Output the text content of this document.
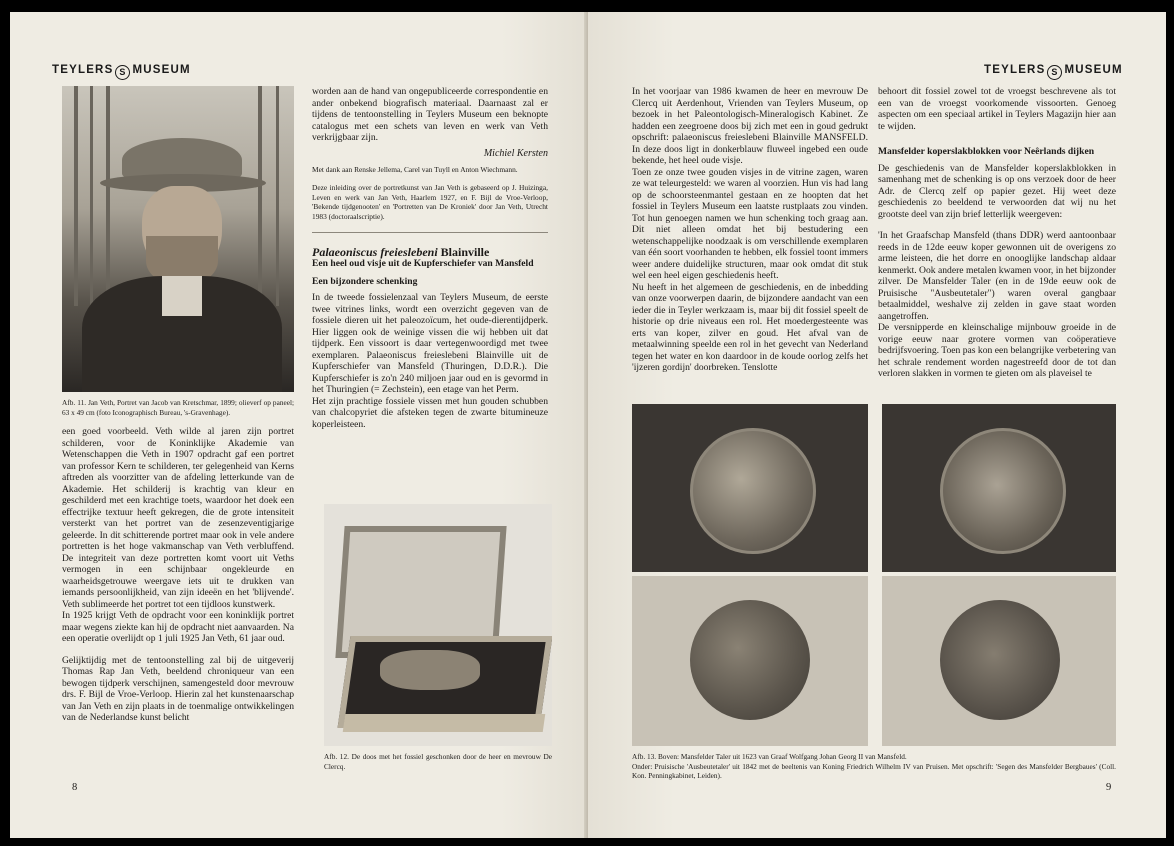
TEYLERS S MUSEUM
Afb. 11. Jan Veth, Portret van Jacob van Kretschmar, 1899; olieverf op paneel; 63 x 49 cm (foto Iconographisch Bureau, 's-Gravenhage).

een goed voorbeeld. Veth wilde al jaren zijn portret schilderen, voor de Koninklijke Akademie van Wetenschappen die Veth in 1907 opdracht gaf een portret van professor Kern te schilderen, ter gelegenheid van Kerns aftreden als voorzitter van de afdeling letterkunde van de Akademie. Het schilderij is krachtig van kleur en geschilderd met een krachtige toets, waardoor het doek een effectrijke textuur heeft gekregen, die de grote intensiteit versterkt van het portret van de zesenzeventigjarige geleerde. In dit schitterende portret maar ook in vele andere portretten is het hoge vakmanschap van Veth verbluffend. De integriteit van deze portretten komt voort uit Veths vermogen in een schijnbaar ongekleurde en waarheidsgetrouwe weergave iets uit te drukken van iemands persoonlijkheid, van zijn ideeën en het 'blijvende'. Veth sublimeerde het portret tot een tijdloos kunstwerk.

In 1925 krijgt Veth de opdracht voor een koninklijk portret maar wegens ziekte kan hij de opdracht niet aanvaarden. Na een operatie overlijdt op 1 juli 1925 Jan Veth, 61 jaar oud.

Gelijktijdig met de tentoonstelling zal bij de uitgeverij Thomas Rap Jan Veth, beeldend chroniqueur van een bewogen tijdperk verschijnen, samengesteld door mevrouw drs. F. Bijl de Vroe-Verloop. Hierin zal het kunstenaarschap van Jan Veth en zijn plaats in de toenmalige ontwikkelingen van de Nederlandse kunst belicht

worden aan de hand van ongepubliceerde correspondentie en ander onbekend biografisch materiaal. Daarnaast zal er tijdens de tentoonstelling in Teylers Museum een beknopte catalogus met een schets van leven en werk van Veth verkrijgbaar zijn.

Michiel Kersten

Met dank aan Renske Jellema, Carel van Tuyll en Anton Wiechmann.

Deze inleiding over de portretkunst van Jan Veth is gebaseerd op J. Huizinga, Leven en werk van Jan Veth, Haarlem 1927, en F. Bijl de Vroe-Verloop, 'Bekende tijdgenooten' en 'Portretten van De Kroniek' door Jan Veth, Utrecht 1983 (doctoraalscriptie).

Palaeoniscus freieslebeni Blainville
Een heel oud visje uit de Kupferschiefer van Mansfeld
Een bijzondere schenking

In de tweede fossielenzaal van Teylers Museum, de eerste twee vitrines links, wordt een overzicht gegeven van de fossiele dieren uit het paleozoïcum, het oude-dierentijdperk. Hier liggen ook de weinige vissen die wij hebben uit dat tijdperk. Een vissoort is daar vertegenwoordigd met twee exemplaren. Palaeoniscus freieslebeni Blainville uit de Kupferschiefer van Mansfeld (Thuringen, D.D.R.). Die Kupferschiefer is zo'n 240 miljoen jaar oud en is gevormd in het Thuringien (= Zechstein), een etage van het Perm.

Het zijn prachtige fossiele vissen met hun gouden schubben van chalcopyriet die afsteken tegen de zwarte bitumineuze koperleisteen.

Afb. 12. De doos met het fossiel geschonken door de heer en mevrouw De Clercq.
8
TEYLERS S MUSEUM

In het voorjaar van 1986 kwamen de heer en mevrouw De Clercq uit Aerdenhout, Vrienden van Teylers Museum, op bezoek in het Paleontologisch-Mineralogisch Kabinet. Ze hadden een zeegroene doos bij zich met een in goud gedrukt opschrift: palaeoniscus freieslebeni Blainville MANSFELD. In deze doos ligt in donkerblauw fluweel ingebed een oude bekende, het heel oude visje.

Toen ze onze twee gouden visjes in de vitrine zagen, waren ze wat teleurgesteld: we waren al voorzien. Hun vis had lang op de schoorsteenmantel gestaan en ze hoopten dat het fossiel in Teylers Museum een laatste rustplaats zou vinden. Tot hun genoegen namen we hun schenking toch graag aan. Dit niet alleen omdat het bij bestudering een wetenschappelijke noodzaak is om verschillende exemplaren van één soort voorhanden te hebben, elk fossiel toont immers weer andere duidelijke structuren, maar ook omdat dit stuk wel een heel eigen geschiedenis heeft.

Nu heeft in het algemeen de geschiedenis, en de inbedding van onze voorwerpen daarin, de bijzondere aandacht van een ieder die in Teyler werkzaam is, maar bij dit fossiel speelt de historie op drie niveaus een rol. Het moedergesteente was erts van koper, zilver en goud. Het afval van de metaalwinning speelde een rol in het gevecht van Nederland tegen het water en kon daardoor in de koude oorlog zelfs het 'ijzeren gordijn' doorbreken. Tenslotte

behoort dit fossiel zowel tot de vroegst beschrevene als tot een van de vroegst voorkomende vissoorten. Genoeg aspecten om een speciaal artikel in Teylers Magazijn hier aan te wijden.

Mansfelder koperslakblokken voor Neêrlands dijken

De geschiedenis van de Mansfelder koperslakblokken in samenhang met de schenking is op ons verzoek door de heer Adr. de Clercq zelf op papier gezet. Hij weet deze geschiedenis zo beeldend te verwoorden dat wij nu het grootste deel van zijn brief letterlijk weergeven:

'In het Graafschap Mansfeld (thans DDR) werd aantoonbaar reeds in de 12de eeuw koper gewonnen uit de overigens zo arme leisteen, die het dorre en onooglijke landschap aldaar kenmerkt. Ook andere metalen kwamen voor, in het bijzonder zilver. De Mansfelder Taler (en in de 19de eeuw ook de Pruisische "Ausbeutetaler") waren overal gangbaar betaalmiddel, weshalve zij zelden in gave staat worden aangetroffen.

De versnipperde en kleinschalige mijnbouw groeide in de vorige eeuw naar grotere vormen van coöperatieve bedrijfsvoering. Toen pas kon een belangrijke verbetering van het schrale rendement worden nagestreefd door de tot dan verloren slakken in vormen te gieten om als plaveisel te

Afb. 13. Boven: Mansfelder Taler uit 1623 van Graaf Wolfgang Johan Georg II van Mansfeld.

Onder: Pruisische 'Ausbeutetaler' uit 1842 met de beeltenis van Koning Friedrich Wilhelm IV van Pruisen. Met opschrift: 'Segen des Mansfelder Bergbaues' (Coll. Kon. Penningkabinet, Leiden).

9
